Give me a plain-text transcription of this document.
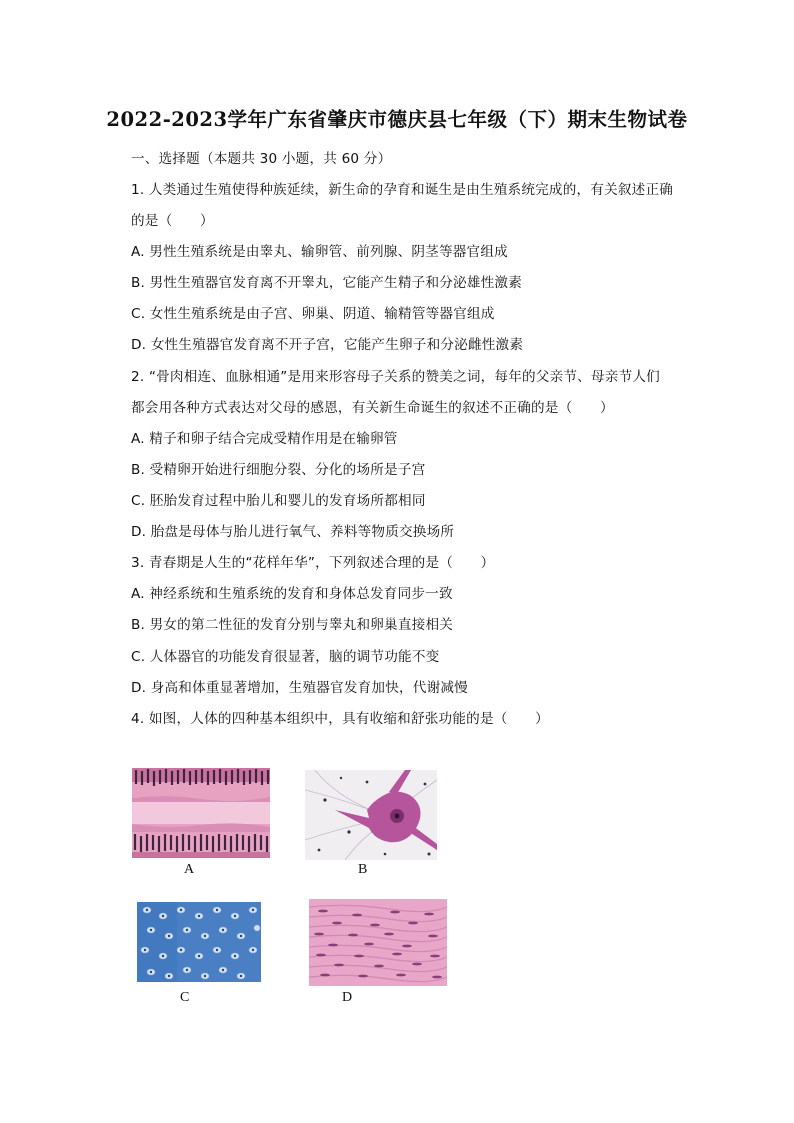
2022-2023学年广东省肇庆市德庆县七年级（下）期末生物试卷
一、选择题（本题共 30 小题，共 60 分）
1. 人类通过生殖使得种族延续，新生命的孕育和诞生是由生殖系统完成的，有关叙述正确
的是（　　）
A. 男性生殖系统是由睾丸、输卵管、前列腺、阴茎等器官组成
B. 男性生殖器官发育离不开睾丸，它能产生精子和分泌雄性激素
C. 女性生殖系统是由子宫、卵巢、阴道、输精管等器官组成
D. 女性生殖器官发育离不开子宫，它能产生卵子和分泌雌性激素
2. “骨肉相连、血脉相通”是用来形容母子关系的赞美之词，每年的父亲节、母亲节人们
都会用各种方式表达对父母的感恩，有关新生命诞生的叙述不正确的是（　　）
A. 精子和卵子结合完成受精作用是在输卵管
B. 受精卵开始进行细胞分裂、分化的场所是子宫
C. 胚胎发育过程中胎儿和婴儿的发育场所都相同
D. 胎盘是母体与胎儿进行氧气、养料等物质交换场所
3. 青春期是人生的“花样年华”，下列叙述合理的是（　　）
A. 神经系统和生殖系统的发育和身体总发育同步一致
B. 男女的第二性征的发育分别与睾丸和卵巢直接相关
C. 人体器官的功能发育很显著，脑的调节功能不变
D. 身高和体重显著增加，生殖器官发育加快，代谢减慢
4. 如图，人体的四种基本组织中，具有收缩和舒张功能的是（　　）
A	B
C	D
